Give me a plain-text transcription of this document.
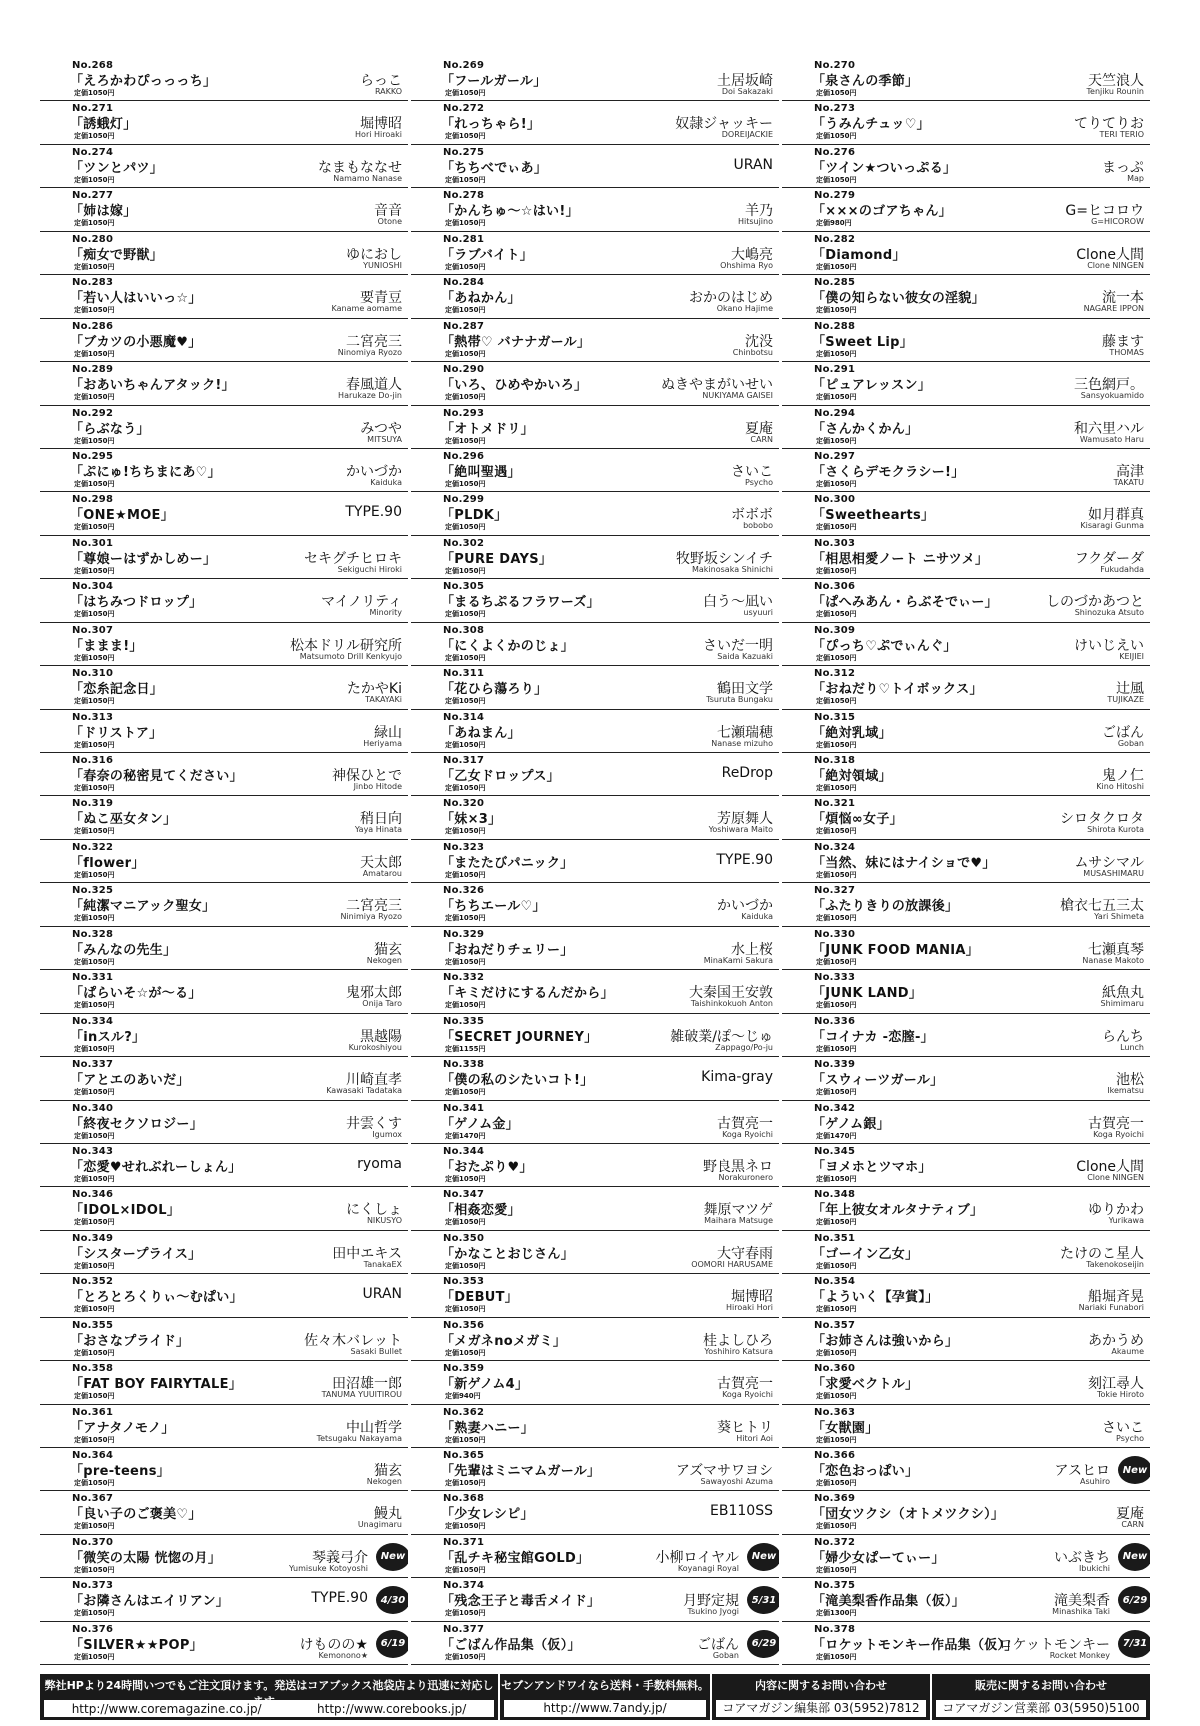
No.268
「えろかわぴっっっち」
定価1050円
らっこ
RAKKO
No.271
「誘蛾灯」
定価1050円
堀博昭
Hori Hiroaki
No.274
「ツンとパツ」
定価1050円
なまもななせ
Namamo Nanase
No.277
「姉は嫁」
定価1050円
音音
Otone
No.280
「痴女で野獣」
定価1050円
ゆにおし
YUNIOSHI
No.283
「若い人はいいっ☆」
定価1050円
要青豆
Kaname aomame
No.286
「ブカツの小悪魔♥」
定価1050円
二宮亮三
Ninomiya Ryozo
No.289
「おあいちゃんアタック!」
定価1050円
春風道人
Harukaze Do-jin
No.292
「らぶなう」
定価1050円
みつや
MITSUYA
No.295
「ぷにゅ!ちちまにあ♡」
定価1050円
かいづか
Kaiduka
No.298
「ONE★MOE」
定価1050円
TYPE.90
No.301
「尊娘ーはずかしめー」
定価1050円
セキグチヒロキ
Sekiguchi Hiroki
No.304
「はちみつドロップ」
定価1050円
マイノリティ
Minority
No.307
「ままま!」
定価1050円
松本ドリル研究所
Matsumoto Drill Kenkyujo
No.310
「恋糸記念日」
定価1050円
たかやKi
TAKAYAKi
No.313
「ドリストア」
定価1050円
緑山
Heriyama
No.316
「春奈の秘密見てください」
定価1050円
神保ひとで
Jinbo Hitode
No.319
「ぬこ巫女タン」
定価1050円
稍日向
Yaya Hinata
No.322
「flower」
定価1050円
天太郎
Amatarou
No.325
「純潔マニアック聖女」
定価1050円
二宮亮三
Ninimiya Ryozo
No.328
「みんなの先生」
定価1050円
猫玄
Nekogen
No.331
「ぱらいそ☆が〜る」
定価1050円
鬼邪太郎
Onija Taro
No.334
「inスル?」
定価1050円
黒越陽
Kurokoshiyou
No.337
「アとエのあいだ」
定価1050円
川崎直孝
Kawasaki Tadataka
No.340
「終夜セクソロジー」
定価1050円
井雲くす
Igumox
No.343
「恋愛♥せれぶれーしょん」
定価1050円
ryoma
No.346
「IDOL×IDOL」
定価1050円
にくしょ
NIKUSYO
No.349
「シスタープライス」
定価1050円
田中エキス
TanakaEX
No.352
「とろとろくりぃ〜むぱい」
定価1050円
URAN
No.355
「おさなプライド」
定価1050円
佐々木バレット
Sasaki Bullet
No.358
「FAT BOY FAIRYTALE」
定価1050円
田沼雄一郎
TANUMA YUUITIROU
No.361
「アナタノモノ」
定価1050円
中山哲学
Tetsugaku Nakayama
No.364
「pre-teens」
定価1050円
猫玄
Nekogen
No.367
「良い子のご褒美♡」
定価1050円
鰻丸
Unagimaru
No.370
「微笑の太陽 恍惚の月」
定価1050円
琴義弓介
Yumisuke Kotoyoshi
New
No.373
「お隣さんはエイリアン」
定価1050円
TYPE.90	4/30
No.376
「SILVER★★POP」
定価1050円
けものの★
Kemonono★
6/19
No.269
「フールガール」
定価1050円
土居坂崎
Doi Sakazaki
No.272
「れっちゃら!」
定価1050円
奴隷ジャッキー
DOREIJACKIE
No.275
「ちちべでぃあ」
定価1050円
URAN
No.278
「かんちゅ〜☆はい!」
定価1050円
羊乃
Hitsujino
No.281
「ラブバイト」
定価1050円
大嶋亮
Ohshima Ryo
No.284
「あねかん」
定価1050円
おかのはじめ
Okano Hajime
No.287
「熱帯♡ バナナガール」
定価1050円
沈没
Chinbotsu
No.290
「いろ、ひめやかいろ」
定価1050円
ぬきやまがいせい
NUKIYAMA GAISEI
No.293
「オトメドリ」
定価1050円
夏庵
CARN
No.296
「絶叫聖遇」
定価1050円
さいこ
Psycho
No.299
「PLDK」
定価1050円
ボボボ
bobobo
No.302
「PURE DAYS」
定価1050円
牧野坂シンイチ
Makinosaka Shinichi
No.305
「まるちぷるフラワーズ」
定価1050円
白う〜凪い
usyuuri
No.308
「にくよくかのじょ」
定価1050円
さいだ一明
Saida Kazuaki
No.311
「花ひら蕩ろり」
定価1050円
鶴田文学
Tsuruta Bungaku
No.314
「あねまん」
定価1050円
七瀬瑞穂
Nanase mizuho
No.317
「乙女ドロップス」
定価1050円
ReDrop
No.320
「妹×3」
定価1050円
芳原舞人
Yoshiwara Maito
No.323
「またたびパニック」
定価1050円
TYPE.90
No.326
「ちちエール♡」
定価1050円
かいづか
Kaiduka
No.329
「おねだりチェリー」
定価1050円
水上桜
MinaKami Sakura
No.332
「キミだけにするんだから」
定価1050円
大秦国王安敦
Taishinkokuoh Anton
No.335
「SECRET JOURNEY」
定価1155円
雑破業/ぽ〜じゅ
Zappago/Po-ju
No.338
「僕の私のシたいコト!」
定価1050円
Kima-gray
No.341
「ゲノム金」
定価1470円
古賀亮一
Koga Ryoichi
No.344
「おたぷり♥」
定価1050円
野良黒ネロ
Norakuronero
No.347
「相姦恋愛」
定価1050円
舞原マツゲ
Maihara Matsuge
No.350
「かなことおじさん」
定価1050円
大守春雨
OOMORI HARUSAME
No.353
「DEBUT」
定価1050円
堀博昭
Hiroaki Hori
No.356
「メガネnoメガミ」
定価1050円
桂よしひろ
Yoshihiro Katsura
No.359
「新ゲノム4」
定価940円
古賀亮一
Koga Ryoichi
No.362
「熟妻ハニー」
定価1050円
葵ヒトリ
Hitori Aoi
No.365
「先輩はミニマムガール」
定価1050円
アズマサワヨシ
Sawayoshi Azuma
No.368
「少女レシピ」
定価1050円
EB110SS
No.371
「乱チキ秘宝館GOLD」
定価1050円
小柳ロイヤル
Koyanagi Royal
New
No.374
「残念王子と毒舌メイド」
定価1050円
月野定規
Tsukino Jyogi
5/31
No.377
「ごばん作品集（仮）」
定価1050円
ごばん
Goban
6/29
No.270
「泉さんの季節」
定価1050円
天竺浪人
Tenjiku Rounin
No.273
「うみんチュッ♡」
定価1050円
てりてりお
TERI TERIO
No.276
「ツイン★ついっぷる」
定価1050円
まっぷ
Map
No.279
「×××のゴアちゃん」
定価980円
G=ヒコロウ
G=HICOROW
No.282
「Diamond」
定価1050円
Clone人間
Clone NINGEN
No.285
「僕の知らない彼女の淫貌」
定価1050円
流一本
NAGARE IPPON
No.288
「Sweet Lip」
定価1050円
藤ます
THOMAS
No.291
「ピュアレッスン」
定価1050円
三色網戸。
Sansyokuamido
No.294
「さんかくかん」
定価1050円
和六里ハル
Wamusato Haru
No.297
「さくらデモクラシー!」
定価1050円
高津
TAKATU
No.300
「Sweethearts」
定価1050円
如月群真
Kisaragi Gunma
No.303
「相思相愛ノート ニサツメ」
定価1050円
フクダーダ
Fukudahda
No.306
「ぱへみあん・らぶそでぃー」
定価1050円
しのづかあつと
Shinozuka Atsuto
No.309
「ぴっち♡ぷでぃんぐ」
定価1050円
けいじえい
KEIJIEI
No.312
「おねだり♡トイボックス」
定価1050円
辻風
TUJIKAZE
No.315
「絶対乳域」
定価1050円
ごばん
Goban
No.318
「絶対領域」
定価1050円
鬼ノ仁
Kino Hitoshi
No.321
「煩悩∞女子」
定価1050円
シロタクロタ
Shirota Kurota
No.324
「当然、妹にはナイショで♥」
定価1050円
ムサシマル
MUSASHIMARU
No.327
「ふたりきりの放課後」
定価1050円
槍衣七五三太
Yari Shimeta
No.330
「JUNK FOOD MANIA」
定価1050円
七瀬真琴
Nanase Makoto
No.333
「JUNK LAND」
定価1050円
紙魚丸
Shimimaru
No.336
「コイナカ -恋膣-」
定価1050円
らんち
Lunch
No.339
「スウィーツガール」
定価1050円
池松
Ikematsu
No.342
「ゲノム銀」
定価1470円
古賀亮一
Koga Ryoichi
No.345
「ヨメホとツマホ」
定価1050円
Clone人間
Clone NINGEN
No.348
「年上彼女オルタナティブ」
定価1050円
ゆりかわ
Yurikawa
No.351
「ゴーイン乙女」
定価1050円
たけのこ星人
Takenokoseijin
No.354
「よういく【孕賞】」
定価1050円
船堀斉晃
Nariaki Funabori
No.357
「お姉さんは強いから」
定価1050円
あかうめ
Akaume
No.360
「求愛ベクトル」
定価1050円
刻江尋人
Tokie Hiroto
No.363
「女獣園」
定価1050円
さいこ
Psycho
No.366
「恋色おっぱい」
定価1050円
アスヒロ
Asuhiro
New
No.369
「団女ツクシ（オトメツクシ）」
定価1050円
夏庵
CARN
No.372
「婦少女ぱーてぃー」
定価1050円
いぶきち
Ibukichi
New
No.375
「滝美梨香作品集（仮）」
定価1300円
滝美梨香
Minashika Taki
6/29
No.378
「ロケットモンキー作品集（仮）」
定価1050円
ロケットモンキー
Rocket Monkey
7/31
弊社HPより24時間いつでもご注文頂けます。発送はコアブックス池袋店より迅速に対応し
http://www.coremagazine.co.jp/	http://www.corebooks.jp/
セブンアンドワイなら送料・手数料無料。
http://www.7andy.jp/
内容に関するお問い合わせ
コアマガジン編集部 03(5952)7812
販売に関するお問い合わせ
コアマガジン営業部 03(5950)5100
